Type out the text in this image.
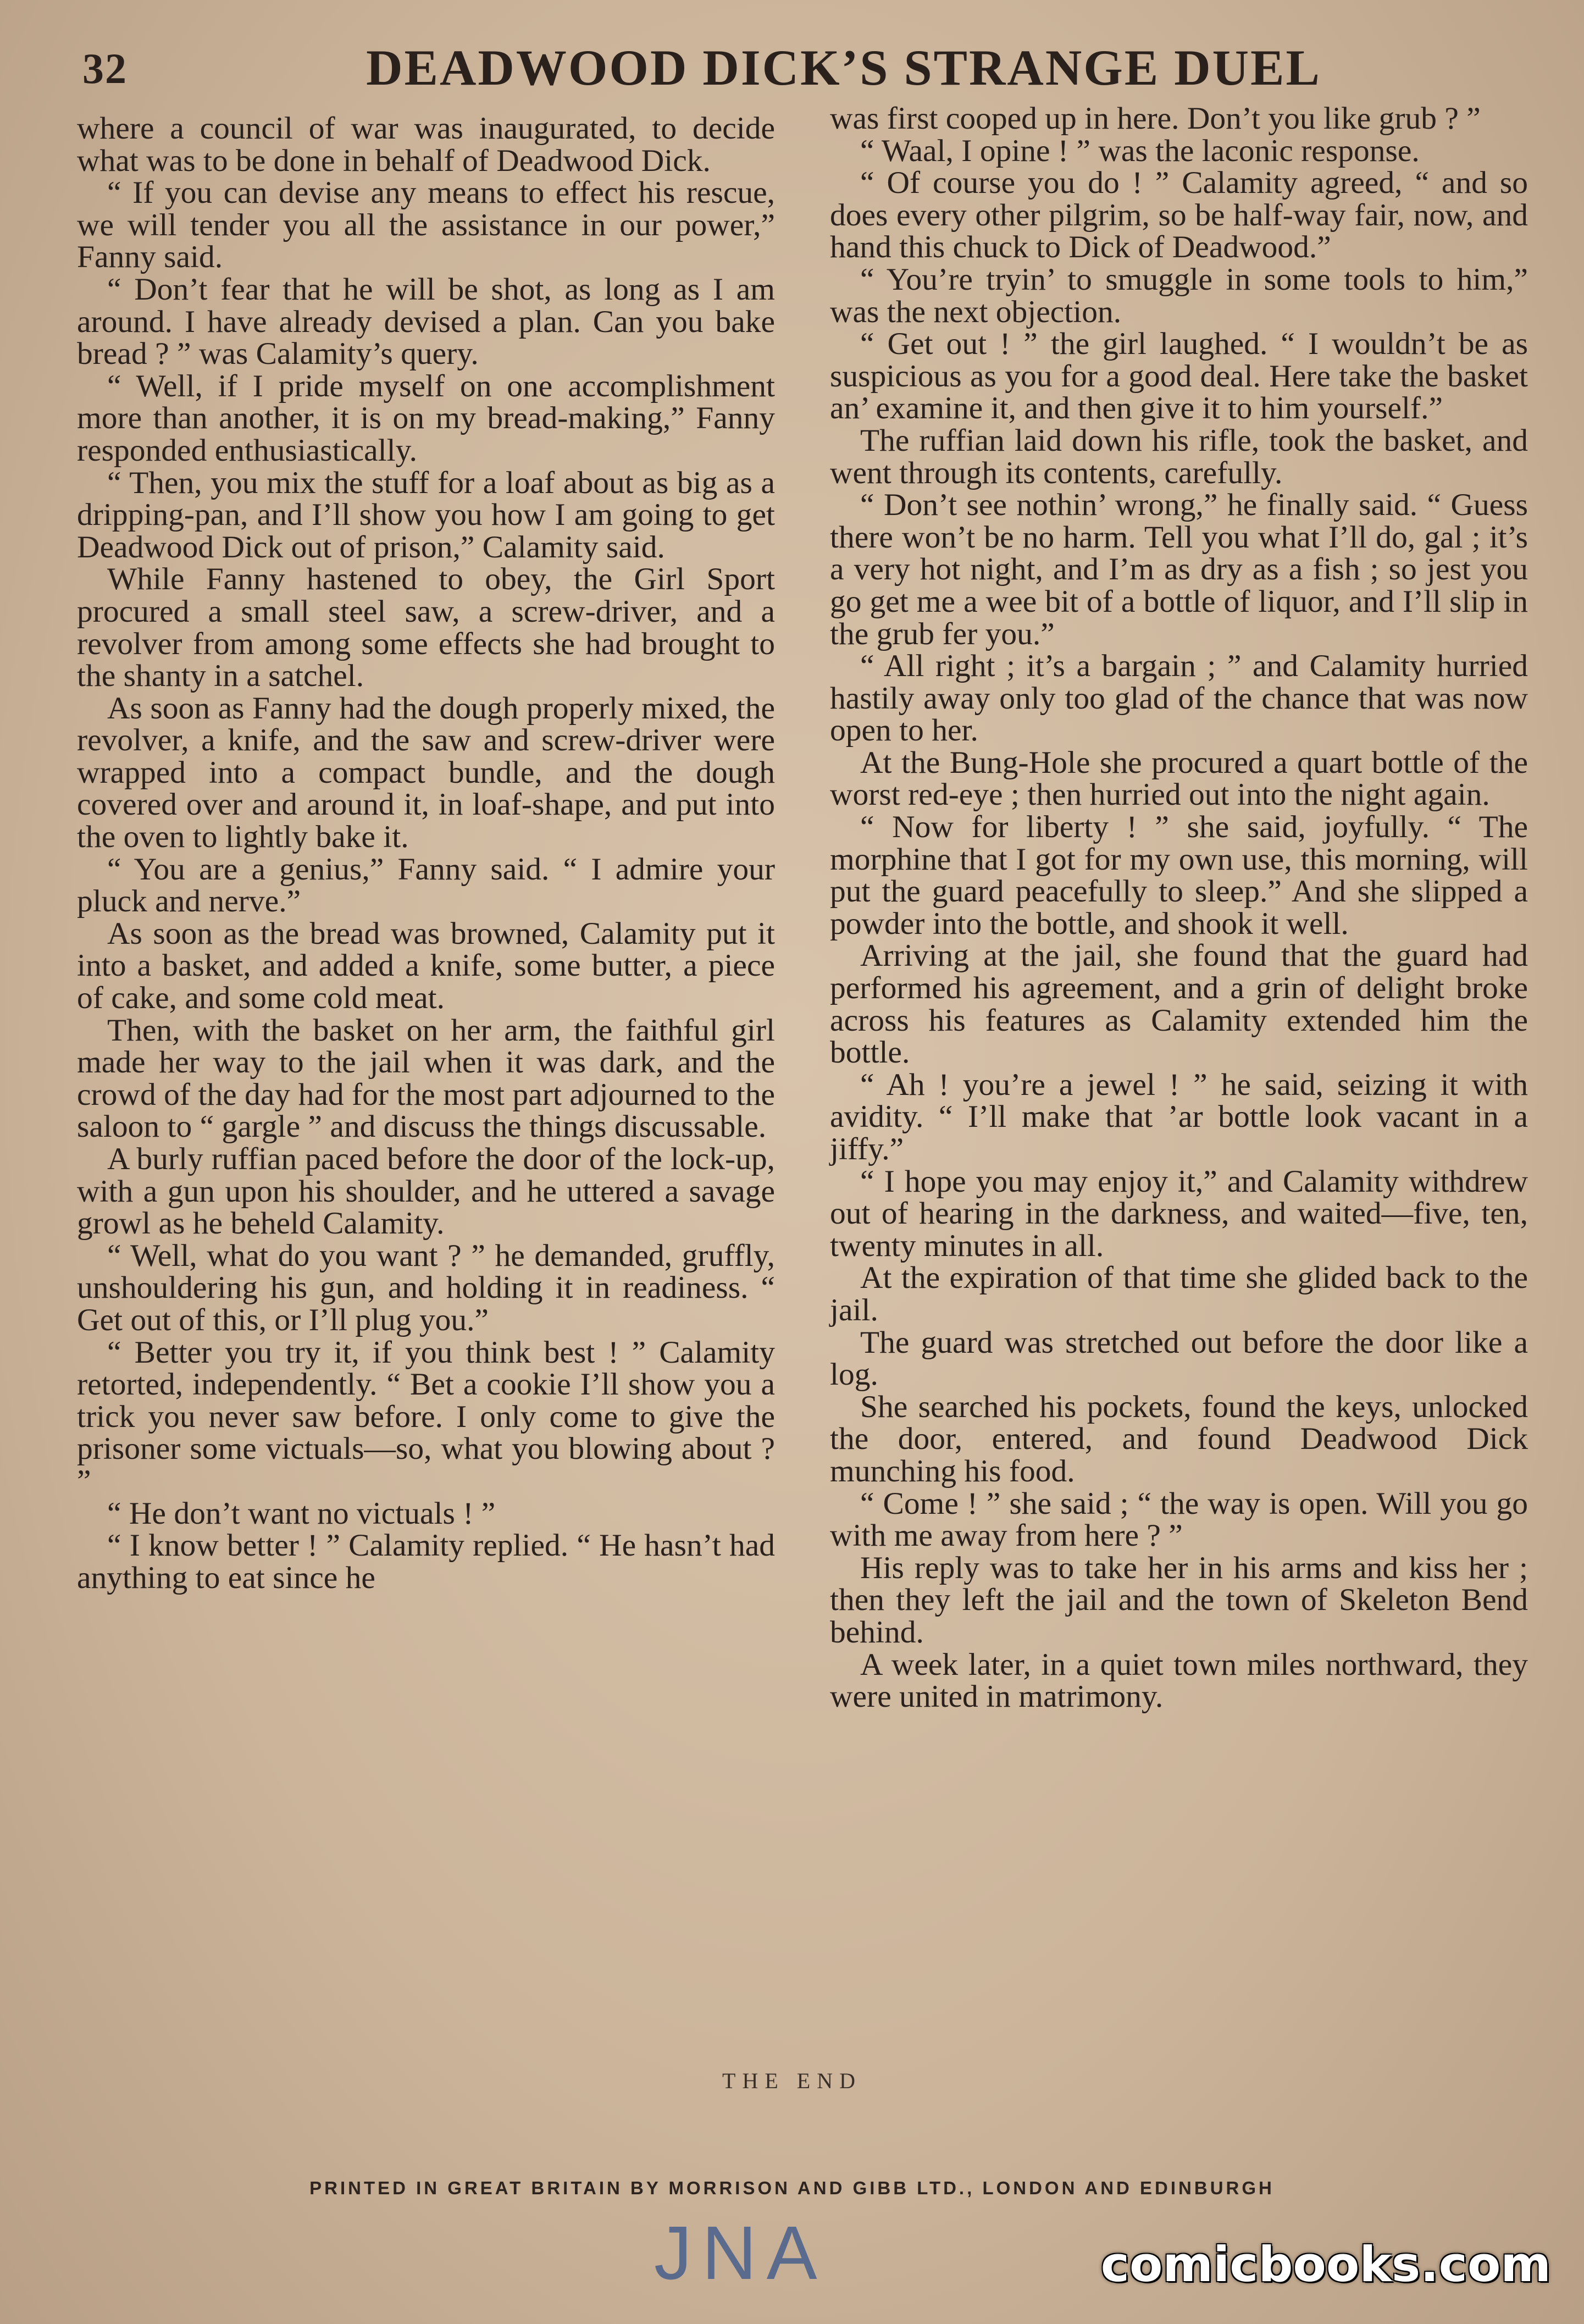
32	DEADWOOD DICK’S STRANGE DUEL

where a council of war was inaugurated, to decide what was to be done in behalf of Deadwood Dick.

“ If you can devise any means to effect his rescue, we will tender you all the assistance in our power,” Fanny said.

“ Don’t fear that he will be shot, as long as I am around. I have already devised a plan. Can you bake bread ? ” was Calamity’s query.

“ Well, if I pride myself on one accomplishment more than another, it is on my bread-making,” Fanny responded enthusiastically.

“ Then, you mix the stuff for a loaf about as big as a dripping-pan, and I’ll show you how I am going to get Deadwood Dick out of prison,” Calamity said.

While Fanny hastened to obey, the Girl Sport procured a small steel saw, a screw-driver, and a revolver from among some effects she had brought to the shanty in a satchel.

As soon as Fanny had the dough properly mixed, the revolver, a knife, and the saw and screw-driver were wrapped into a compact bundle, and the dough covered over and around it, in loaf-shape, and put into the oven to lightly bake it.

“ You are a genius,” Fanny said. “ I admire your pluck and nerve.”

As soon as the bread was browned, Calamity put it into a basket, and added a knife, some butter, a piece of cake, and some cold meat.

Then, with the basket on her arm, the faithful girl made her way to the jail when it was dark, and the crowd of the day had for the most part adjourned to the saloon to “ gargle ” and discuss the things discussable.

A burly ruffian paced before the door of the lock-up, with a gun upon his shoulder, and he uttered a savage growl as he beheld Calamity.

“ Well, what do you want ? ” he demanded, gruffly, unshouldering his gun, and holding it in readiness. “ Get out of this, or I’ll plug you.”

“ Better you try it, if you think best ! ” Calamity retorted, independently. “ Bet a cookie I’ll show you a trick you never saw before. I only come to give the prisoner some victuals—so, what you blowing about ? ”

“ He don’t want no victuals ! ”

“ I know better ! ” Calamity replied. “ He hasn’t had anything to eat since he

was first cooped up in here. Don’t you like grub ? ”

“ Waal, I opine ! ” was the laconic response.

“ Of course you do ! ” Calamity agreed, “ and so does every other pilgrim, so be half-way fair, now, and hand this chuck to Dick of Deadwood.”

“ You’re tryin’ to smuggle in some tools to him,” was the next objection.

“ Get out ! ” the girl laughed. “ I wouldn’t be as suspicious as you for a good deal. Here take the basket an’ examine it, and then give it to him yourself.”

The ruffian laid down his rifle, took the basket, and went through its contents, carefully.

“ Don’t see nothin’ wrong,” he finally said. “ Guess there won’t be no harm. Tell you what I’ll do, gal ; it’s a very hot night, and I’m as dry as a fish ; so jest you go get me a wee bit of a bottle of liquor, and I’ll slip in the grub fer you.”

“ All right ; it’s a bargain ; ” and Calamity hurried hastily away only too glad of the chance that was now open to her.

At the Bung-Hole she procured a quart bottle of the worst red-eye ; then hurried out into the night again.

“ Now for liberty ! ” she said, joyfully. “ The morphine that I got for my own use, this morning, will put the guard peacefully to sleep.” And she slipped a powder into the bottle, and shook it well.

Arriving at the jail, she found that the guard had performed his agreement, and a grin of delight broke across his features as Calamity extended him the bottle.

“ Ah ! you’re a jewel ! ” he said, seizing it with avidity. “ I’ll make that ’ar bottle look vacant in a jiffy.”

“ I hope you may enjoy it,” and Calamity withdrew out of hearing in the darkness, and waited—five, ten, twenty minutes in all.

At the expiration of that time she glided back to the jail.

The guard was stretched out before the door like a log.

She searched his pockets, found the keys, unlocked the door, entered, and found Deadwood Dick munching his food.

“ Come ! ” she said ; “ the way is open. Will you go with me away from here ? ”

His reply was to take her in his arms and kiss her ; then they left the jail and the town of Skeleton Bend behind.

A week later, in a quiet town miles northward, they were united in matrimony.

THE END
PRINTED IN GREAT BRITAIN BY MORRISON AND GIBB LTD., LONDON AND EDINBURGH
JNA	comicbooks.com
